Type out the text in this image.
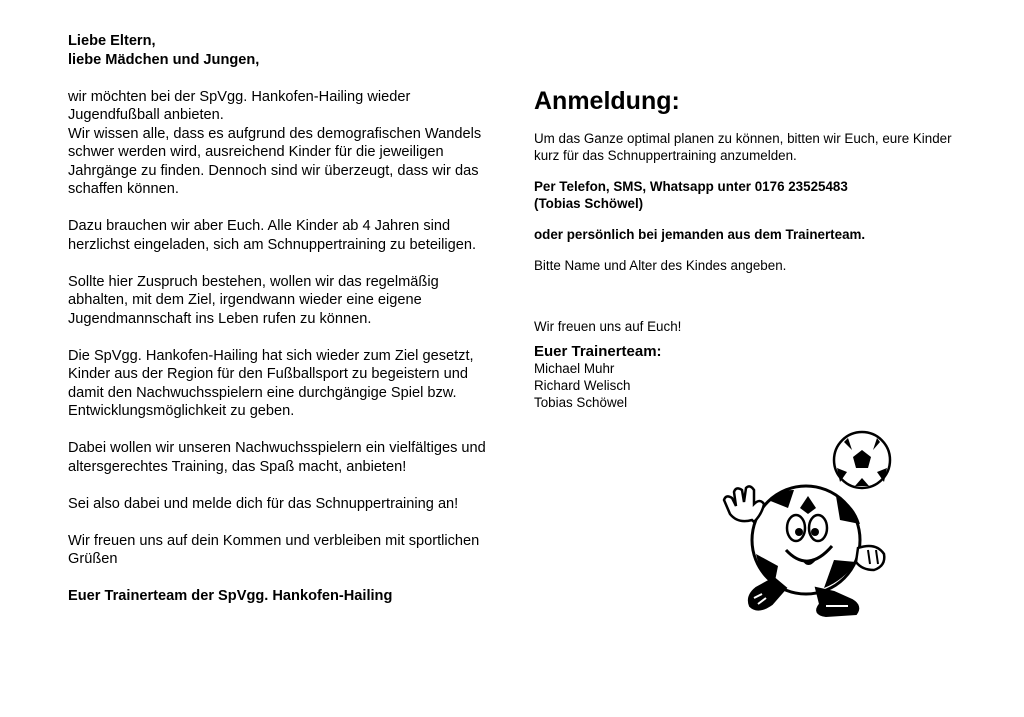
Liebe Eltern,
liebe Mädchen und Jungen,

wir möchten bei der SpVgg. Hankofen-Hailing wieder Jugendfußball anbieten.
Wir wissen alle, dass es aufgrund des demografischen Wandels schwer werden wird, ausreichend Kinder für die jeweiligen Jahrgänge zu finden. Dennoch sind wir überzeugt, dass wir das schaffen können.

Dazu brauchen wir aber Euch. Alle Kinder ab 4 Jahren sind herzlichst eingeladen, sich am Schnuppertraining zu beteiligen.

Sollte hier Zuspruch bestehen, wollen wir das regelmäßig abhalten, mit dem Ziel, irgendwann wieder eine eigene Jugendmannschaft ins Leben rufen zu können.

Die SpVgg. Hankofen-Hailing hat sich wieder zum Ziel gesetzt, Kinder aus der Region für den Fußballsport zu begeistern und damit den Nachwuchsspielern eine durchgängige Spiel bzw. Entwicklungsmöglichkeit zu geben.

Dabei wollen wir unseren Nachwuchsspielern ein vielfältiges und altersgerechtes Training, das Spaß macht, anbieten!

Sei also dabei und melde dich für das Schnuppertraining an!

Wir freuen uns auf dein Kommen und verbleiben mit sportlichen Grüßen

Euer Trainerteam der SpVgg. Hankofen-Hailing

Anmeldung:

Um das Ganze optimal planen zu können, bitten wir Euch, eure Kinder kurz für das Schnuppertraining anzumelden.

Per Telefon, SMS, Whatsapp unter 0176 23525483
(Tobias Schöwel)

oder persönlich bei jemanden aus dem Trainerteam.

Bitte Name und Alter des Kindes angeben.

Wir freuen uns auf Euch!

Euer Trainerteam:

Michael Muhr

Richard Welisch

Tobias Schöwel
